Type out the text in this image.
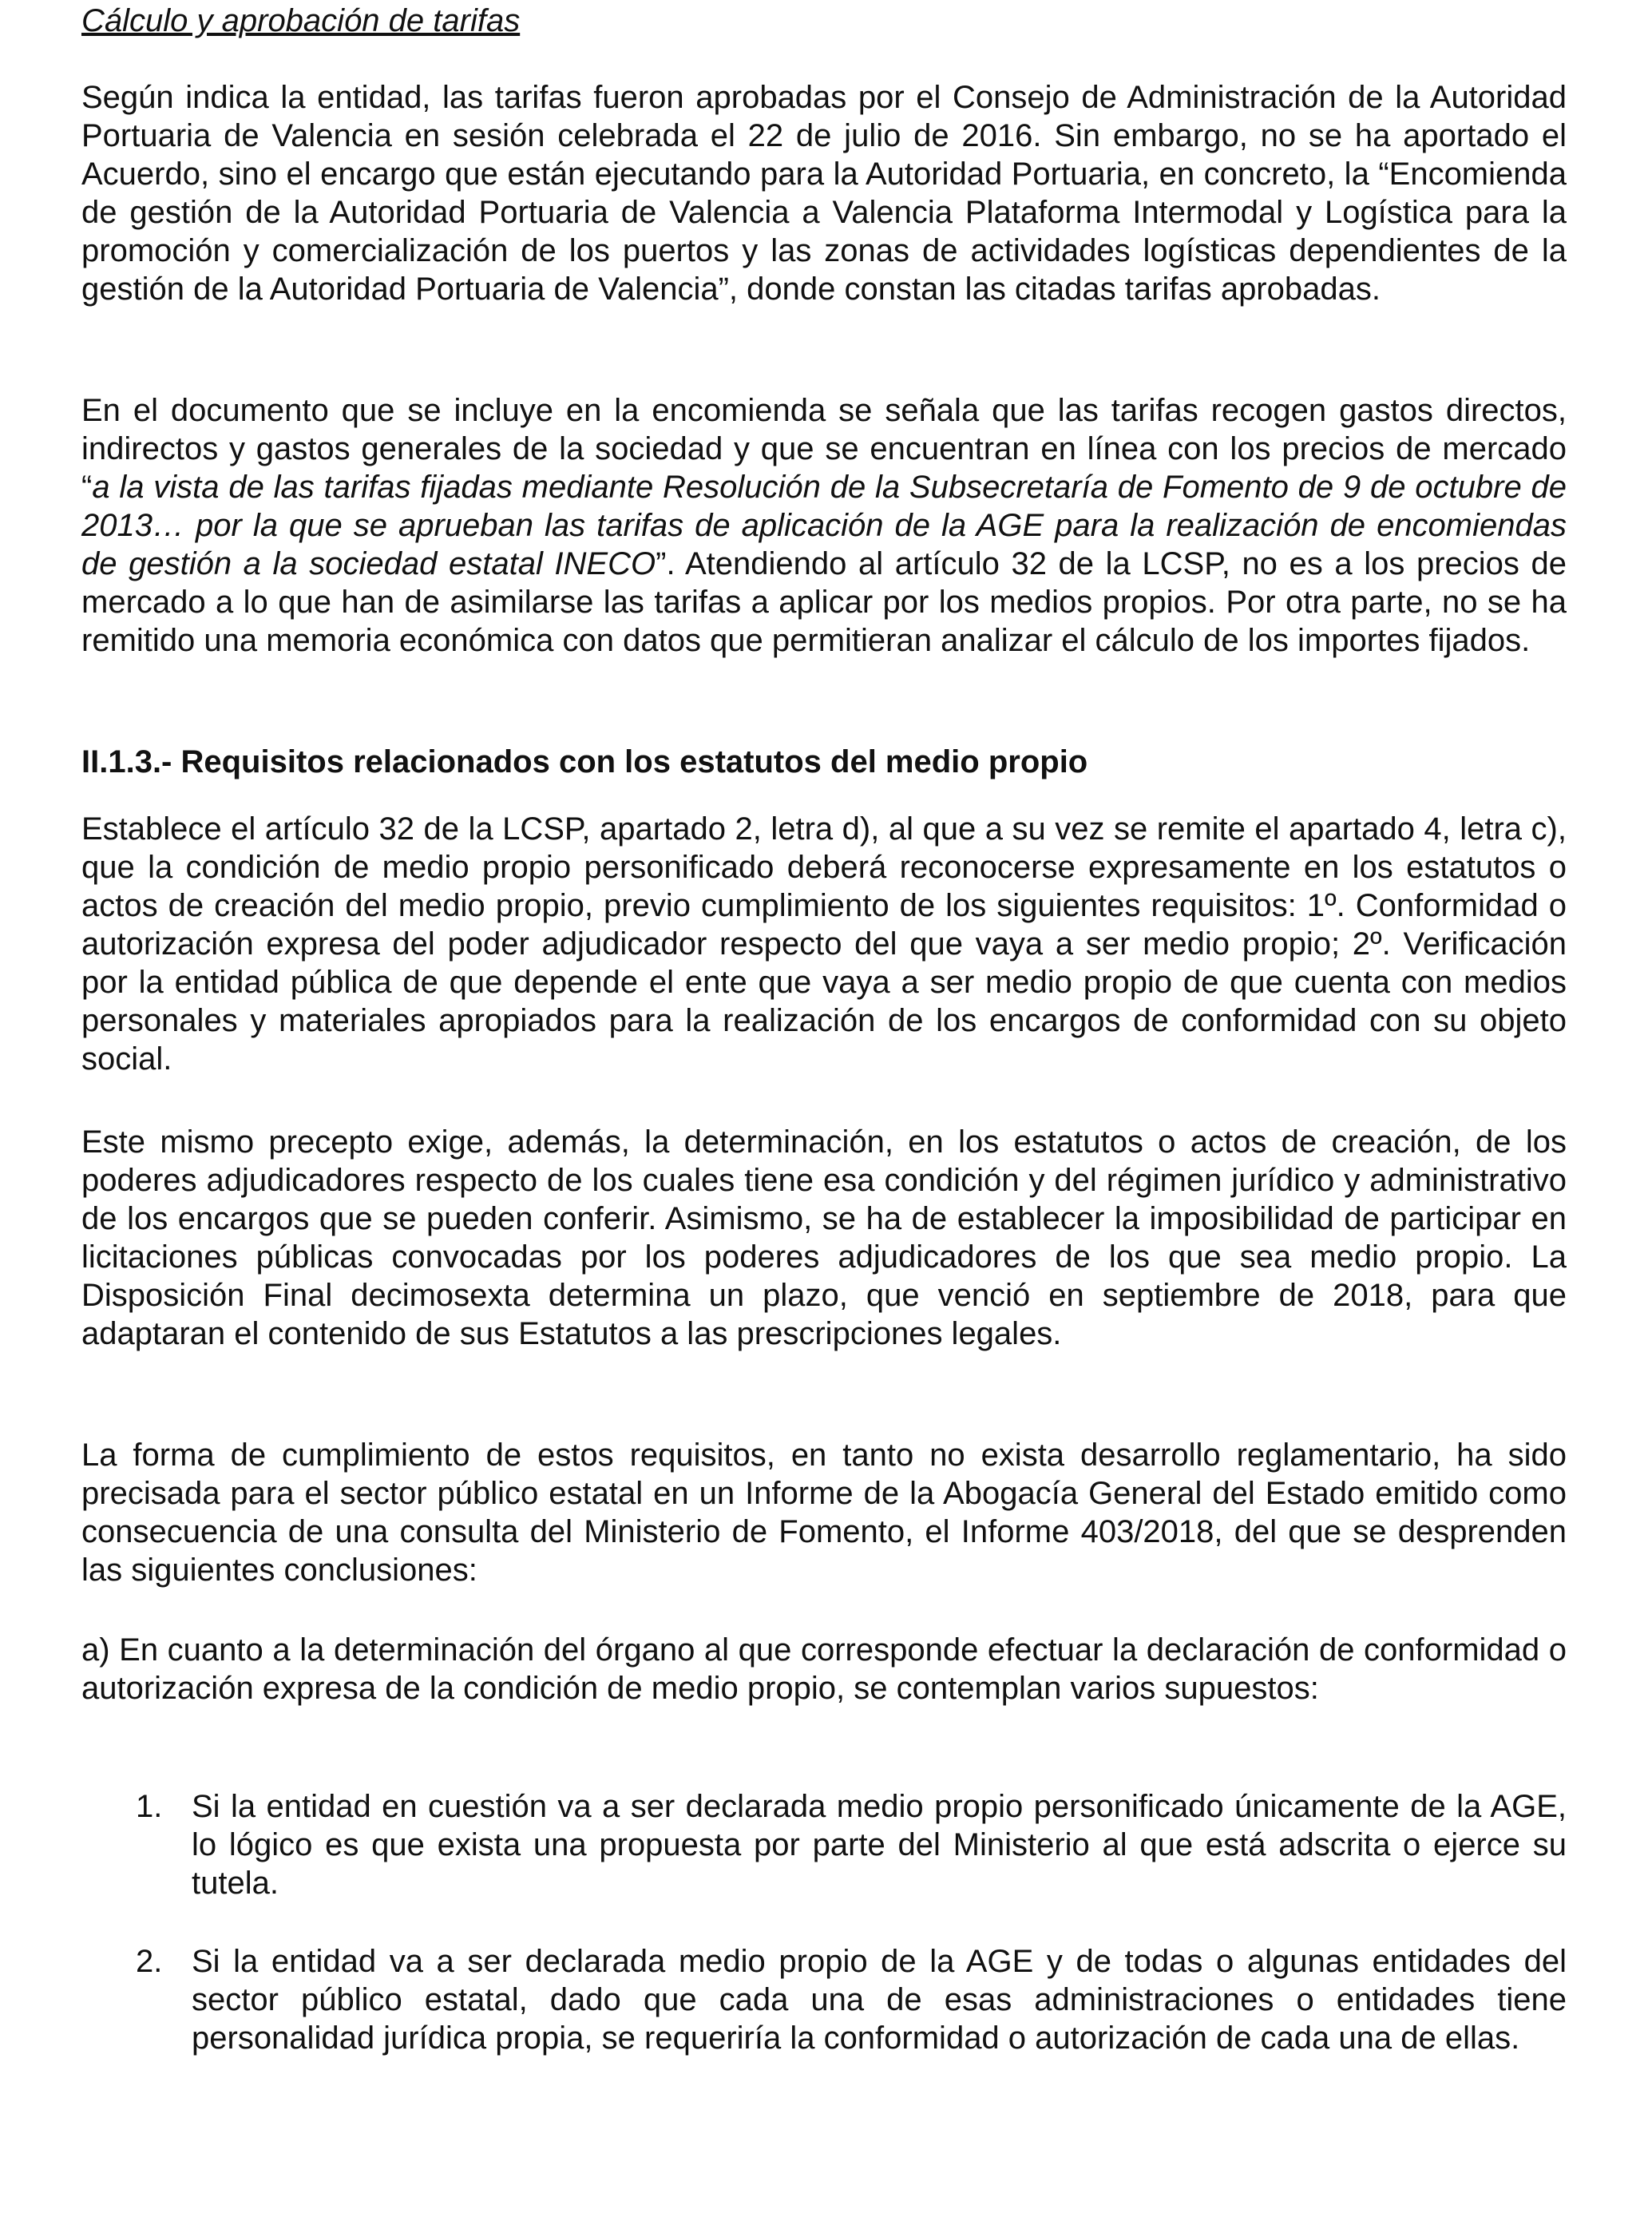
Cálculo y aprobación de tarifas

Según indica la entidad, las tarifas fueron aprobadas por el Consejo de Administración de la Autoridad Portuaria de Valencia en sesión celebrada el 22 de julio de 2016. Sin embargo, no se ha aportado el Acuerdo, sino el encargo que están ejecutando para la Autoridad Portuaria, en concreto, la “Encomienda de gestión de la Autoridad Portuaria de Valencia a Valencia Plataforma Intermodal y Logística para la promoción y comercialización de los puertos y las zonas de actividades logísticas dependientes de la gestión de la Autoridad Portuaria de Valencia”, donde constan las citadas tarifas aprobadas.

En el documento que se incluye en la encomienda se señala que las tarifas recogen gastos directos, indirectos y gastos generales de la sociedad y que se encuentran en línea con los precios de mercado “a la vista de las tarifas fijadas mediante Resolución de la Subsecretaría de Fomento de 9 de octubre de 2013… por la que se aprueban las tarifas de aplicación de la AGE para la realización de encomiendas de gestión a la sociedad estatal INECO”. Atendiendo al artículo 32 de la LCSP, no es a los precios de mercado a lo que han de asimilarse las tarifas a aplicar por los medios propios. Por otra parte, no se ha remitido una memoria económica con datos que permitieran analizar el cálculo de los importes fijados.

II.1.3.- Requisitos relacionados con los estatutos del medio propio

Establece el artículo 32 de la LCSP, apartado 2, letra d), al que a su vez se remite el apartado 4, letra c), que la condición de medio propio personificado deberá reconocerse expresamente en los estatutos o actos de creación del medio propio, previo cumplimiento de los siguientes requisitos: 1º. Conformidad o autorización expresa del poder adjudicador respecto del que vaya a ser medio propio; 2º. Verificación por la entidad pública de que depende el ente que vaya a ser medio propio de que cuenta con medios personales y materiales apropiados para la realización de los encargos de conformidad con su objeto social.

Este mismo precepto exige, además, la determinación, en los estatutos o actos de creación, de los poderes adjudicadores respecto de los cuales tiene esa condición y del régimen jurídico y administrativo de los encargos que se pueden conferir. Asimismo, se ha de establecer la imposibilidad de participar en licitaciones públicas convocadas por los poderes adjudicadores de los que sea medio propio. La Disposición Final decimosexta determina un plazo, que venció en septiembre de 2018, para que adaptaran el contenido de sus Estatutos a las prescripciones legales.

La forma de cumplimiento de estos requisitos, en tanto no exista desarrollo reglamentario, ha sido precisada para el sector público estatal en un Informe de la Abogacía General del Estado emitido como consecuencia de una consulta del Ministerio de Fomento, el Informe 403/2018, del que se desprenden las siguientes conclusiones:

a) En cuanto a la determinación del órgano al que corresponde efectuar la declaración de conformidad o autorización expresa de la condición de medio propio, se contemplan varios supuestos:

1. Si la entidad en cuestión va a ser declarada medio propio personificado únicamente de la AGE, lo lógico es que exista una propuesta por parte del Ministerio al que está adscrita o ejerce su tutela.
2. Si la entidad va a ser declarada medio propio de la AGE y de todas o algunas entidades del sector público estatal, dado que cada una de esas administraciones o entidades tiene personalidad jurídica propia, se requeriría la conformidad o autorización de cada una de ellas.
